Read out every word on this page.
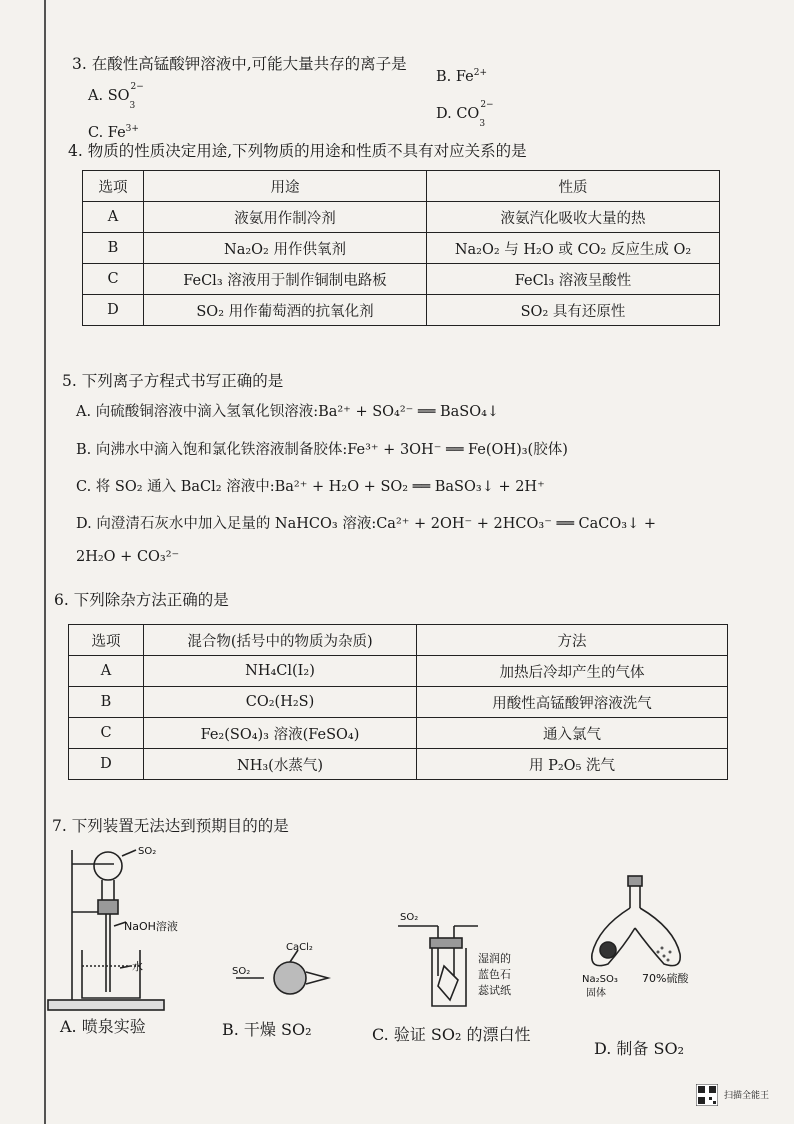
3. 在酸性高锰酸钾溶液中,可能大量共存的离子是
A. SO
2−
$_3$
B. $Fe^{2+}$
C. $Fe^{3+}$
D. CO
2−
$_3$
4. 物质的性质决定用途,下列物质的用途和性质不具有对应关系的是
选项	用途	性质
A	液氨用作制冷剂	液氨汽化吸收大量的热
B	Na₂O₂ 用作供氧剂	Na₂O₂ 与 H₂O 或 CO₂ 反应生成 O₂
C	FeCl₃ 溶液用于制作铜制电路板	FeCl₃ 溶液呈酸性
D	SO₂ 用作葡萄酒的抗氧化剂	SO₂ 具有还原性
5. 下列离子方程式书写正确的是
A. 向硫酸铜溶液中滴入氢氧化钡溶液:Ba²⁺ + SO₄²⁻ ══ BaSO₄↓
B. 向沸水中滴入饱和氯化铁溶液制备胶体:Fe³⁺ + 3OH⁻ ══ Fe(OH)₃(胶体)
C. 将 SO₂ 通入 BaCl₂ 溶液中:Ba²⁺ + H₂O + SO₂ ══ BaSO₃↓ + 2H⁺
D. 向澄清石灰水中加入足量的 NaHCO₃ 溶液:Ca²⁺ + 2OH⁻ + 2HCO₃⁻ ══ CaCO₃↓ +
2H₂O + CO₃²⁻
6. 下列除杂方法正确的是
选项	混合物(括号中的物质为杂质)	方法
A	NH₄Cl(I₂)	加热后冷却产生的气体
B	CO₂(H₂S)	用酸性高锰酸钾溶液洗气
C	Fe₂(SO₄)₃ 溶液(FeSO₄)	通入氯气
D	NH₃(水蒸气)	用 P₂O₅ 洗气
7. 下列装置无法达到预期目的的是
SO₂
NaOH溶液
水
A. 喷泉实验
SO₂
CaCl₂
B. 干燥 SO₂
SO₂
湿润的
蓝色石
蕊试纸
C. 验证 SO₂ 的漂白性
Na₂SO₃
固体
70%硫酸
D. 制备 SO₂
扫描全能王
